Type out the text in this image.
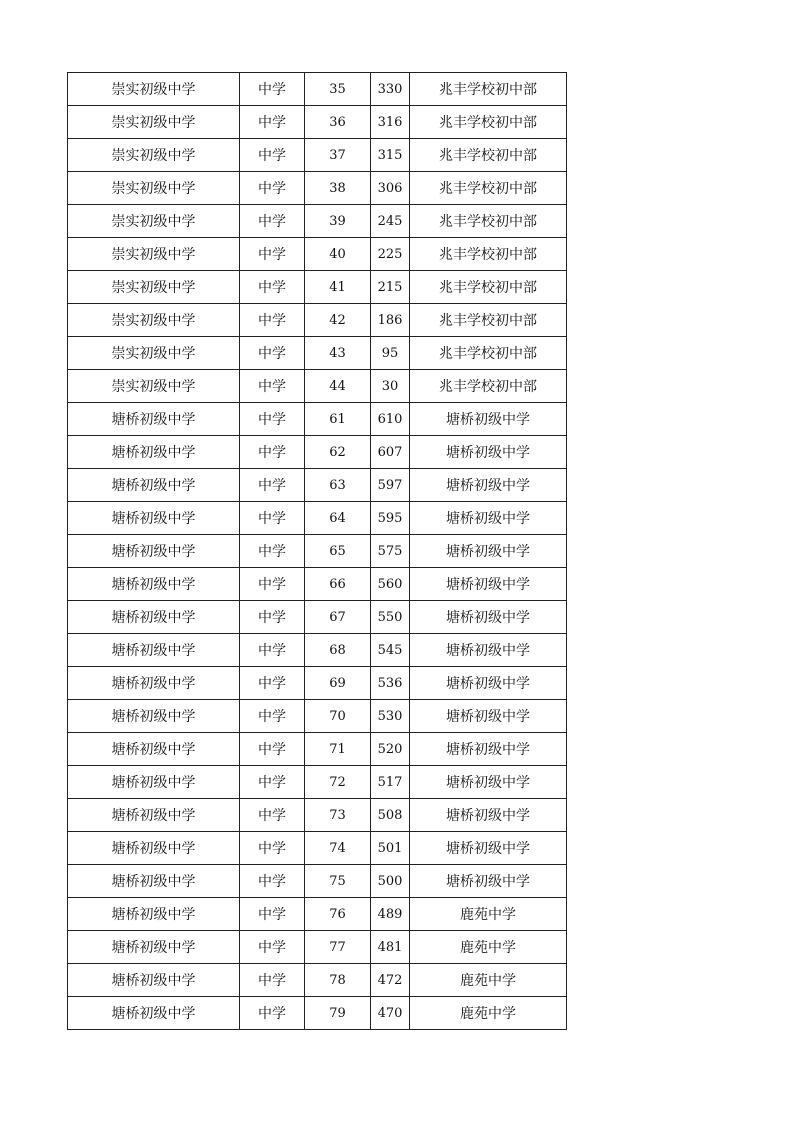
崇实初级中学	中学	35	330	兆丰学校初中部
崇实初级中学	中学	36	316	兆丰学校初中部
崇实初级中学	中学	37	315	兆丰学校初中部
崇实初级中学	中学	38	306	兆丰学校初中部
崇实初级中学	中学	39	245	兆丰学校初中部
崇实初级中学	中学	40	225	兆丰学校初中部
崇实初级中学	中学	41	215	兆丰学校初中部
崇实初级中学	中学	42	186	兆丰学校初中部
崇实初级中学	中学	43	95	兆丰学校初中部
崇实初级中学	中学	44	30	兆丰学校初中部
塘桥初级中学	中学	61	610	塘桥初级中学
塘桥初级中学	中学	62	607	塘桥初级中学
塘桥初级中学	中学	63	597	塘桥初级中学
塘桥初级中学	中学	64	595	塘桥初级中学
塘桥初级中学	中学	65	575	塘桥初级中学
塘桥初级中学	中学	66	560	塘桥初级中学
塘桥初级中学	中学	67	550	塘桥初级中学
塘桥初级中学	中学	68	545	塘桥初级中学
塘桥初级中学	中学	69	536	塘桥初级中学
塘桥初级中学	中学	70	530	塘桥初级中学
塘桥初级中学	中学	71	520	塘桥初级中学
塘桥初级中学	中学	72	517	塘桥初级中学
塘桥初级中学	中学	73	508	塘桥初级中学
塘桥初级中学	中学	74	501	塘桥初级中学
塘桥初级中学	中学	75	500	塘桥初级中学
塘桥初级中学	中学	76	489	鹿苑中学
塘桥初级中学	中学	77	481	鹿苑中学
塘桥初级中学	中学	78	472	鹿苑中学
塘桥初级中学	中学	79	470	鹿苑中学
